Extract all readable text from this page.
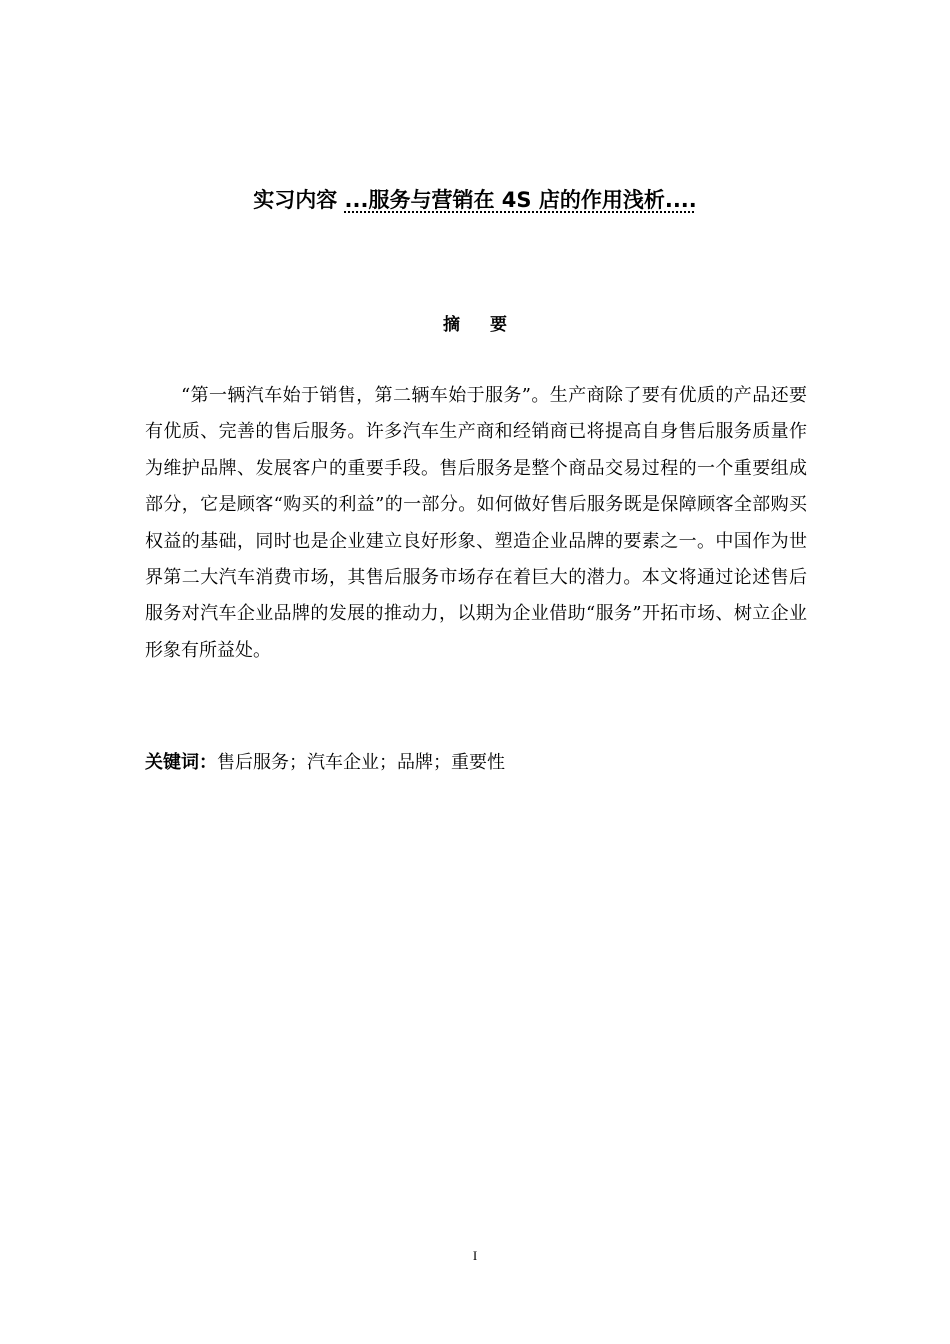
实习内容 ...服务与营销在 4S 店的作用浅析....
摘 要

“第一辆汽车始于销售，第二辆车始于服务”。生产商除了要有优质的产品还要有优质、完善的售后服务。许多汽车生产商和经销商已将提高自身售后服务质量作为维护品牌、发展客户的重要手段。售后服务是整个商品交易过程的一个重要组成部分，它是顾客“购买的利益”的一部分。如何做好售后服务既是保障顾客全部购买权益的基础，同时也是企业建立良好形象、塑造企业品牌的要素之一。中国作为世界第二大汽车消费市场，其售后服务市场存在着巨大的潜力。本文将通过论述售后服务对汽车企业品牌的发展的推动力，以期为企业借助“服务”开拓市场、树立企业形象有所益处。

关键词：售后服务；汽车企业；品牌；重要性
I
